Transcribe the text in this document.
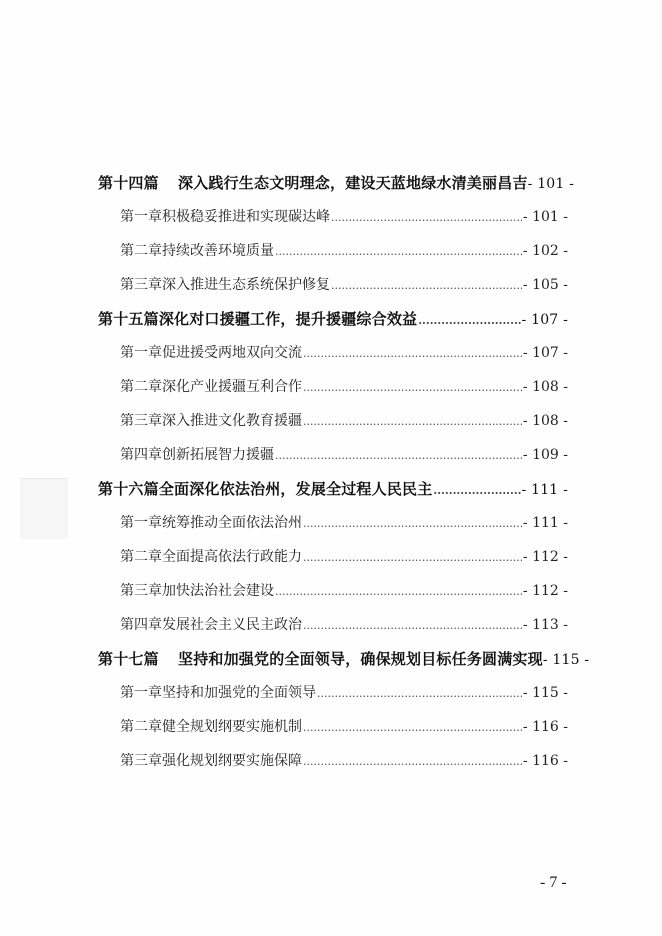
第十四篇	深入践行生态文明理念，建设天蓝地绿水清美丽昌吉 - 101 -
第一章 积极稳妥推进和实现碳达峰 .....	- 101 -
第二章 持续改善环境质量 .....	- 102 -
第三章 深入推进生态系统保护修复 .....	- 105 -
第十五篇 深化对口援疆工作，提升援疆综合效益 .....	- 107 -
第一章 促进援受两地双向交流 .....	- 107 -
第二章 深化产业援疆互利合作 .....	- 108 -
第三章 深入推进文化教育援疆 .....	- 108 -
第四章 创新拓展智力援疆 .....	- 109 -
第十六篇 全面深化依法治州，发展全过程人民民主 .....	- 111 -
第一章 统筹推动全面依法治州 .....	- 111 -
第二章 全面提高依法行政能力 .....	- 112 -
第三章 加快法治社会建设 .....	- 112 -
第四章 发展社会主义民主政治 .....	- 113 -
第十七篇	坚持和加强党的全面领导，确保规划目标任务圆满实现 - 115 -
第一章 坚持和加强党的全面领导 .....	- 115 -
第二章 健全规划纲要实施机制 .....	- 116 -
第三章 强化规划纲要实施保障 .....	- 116 -
- 7 -
